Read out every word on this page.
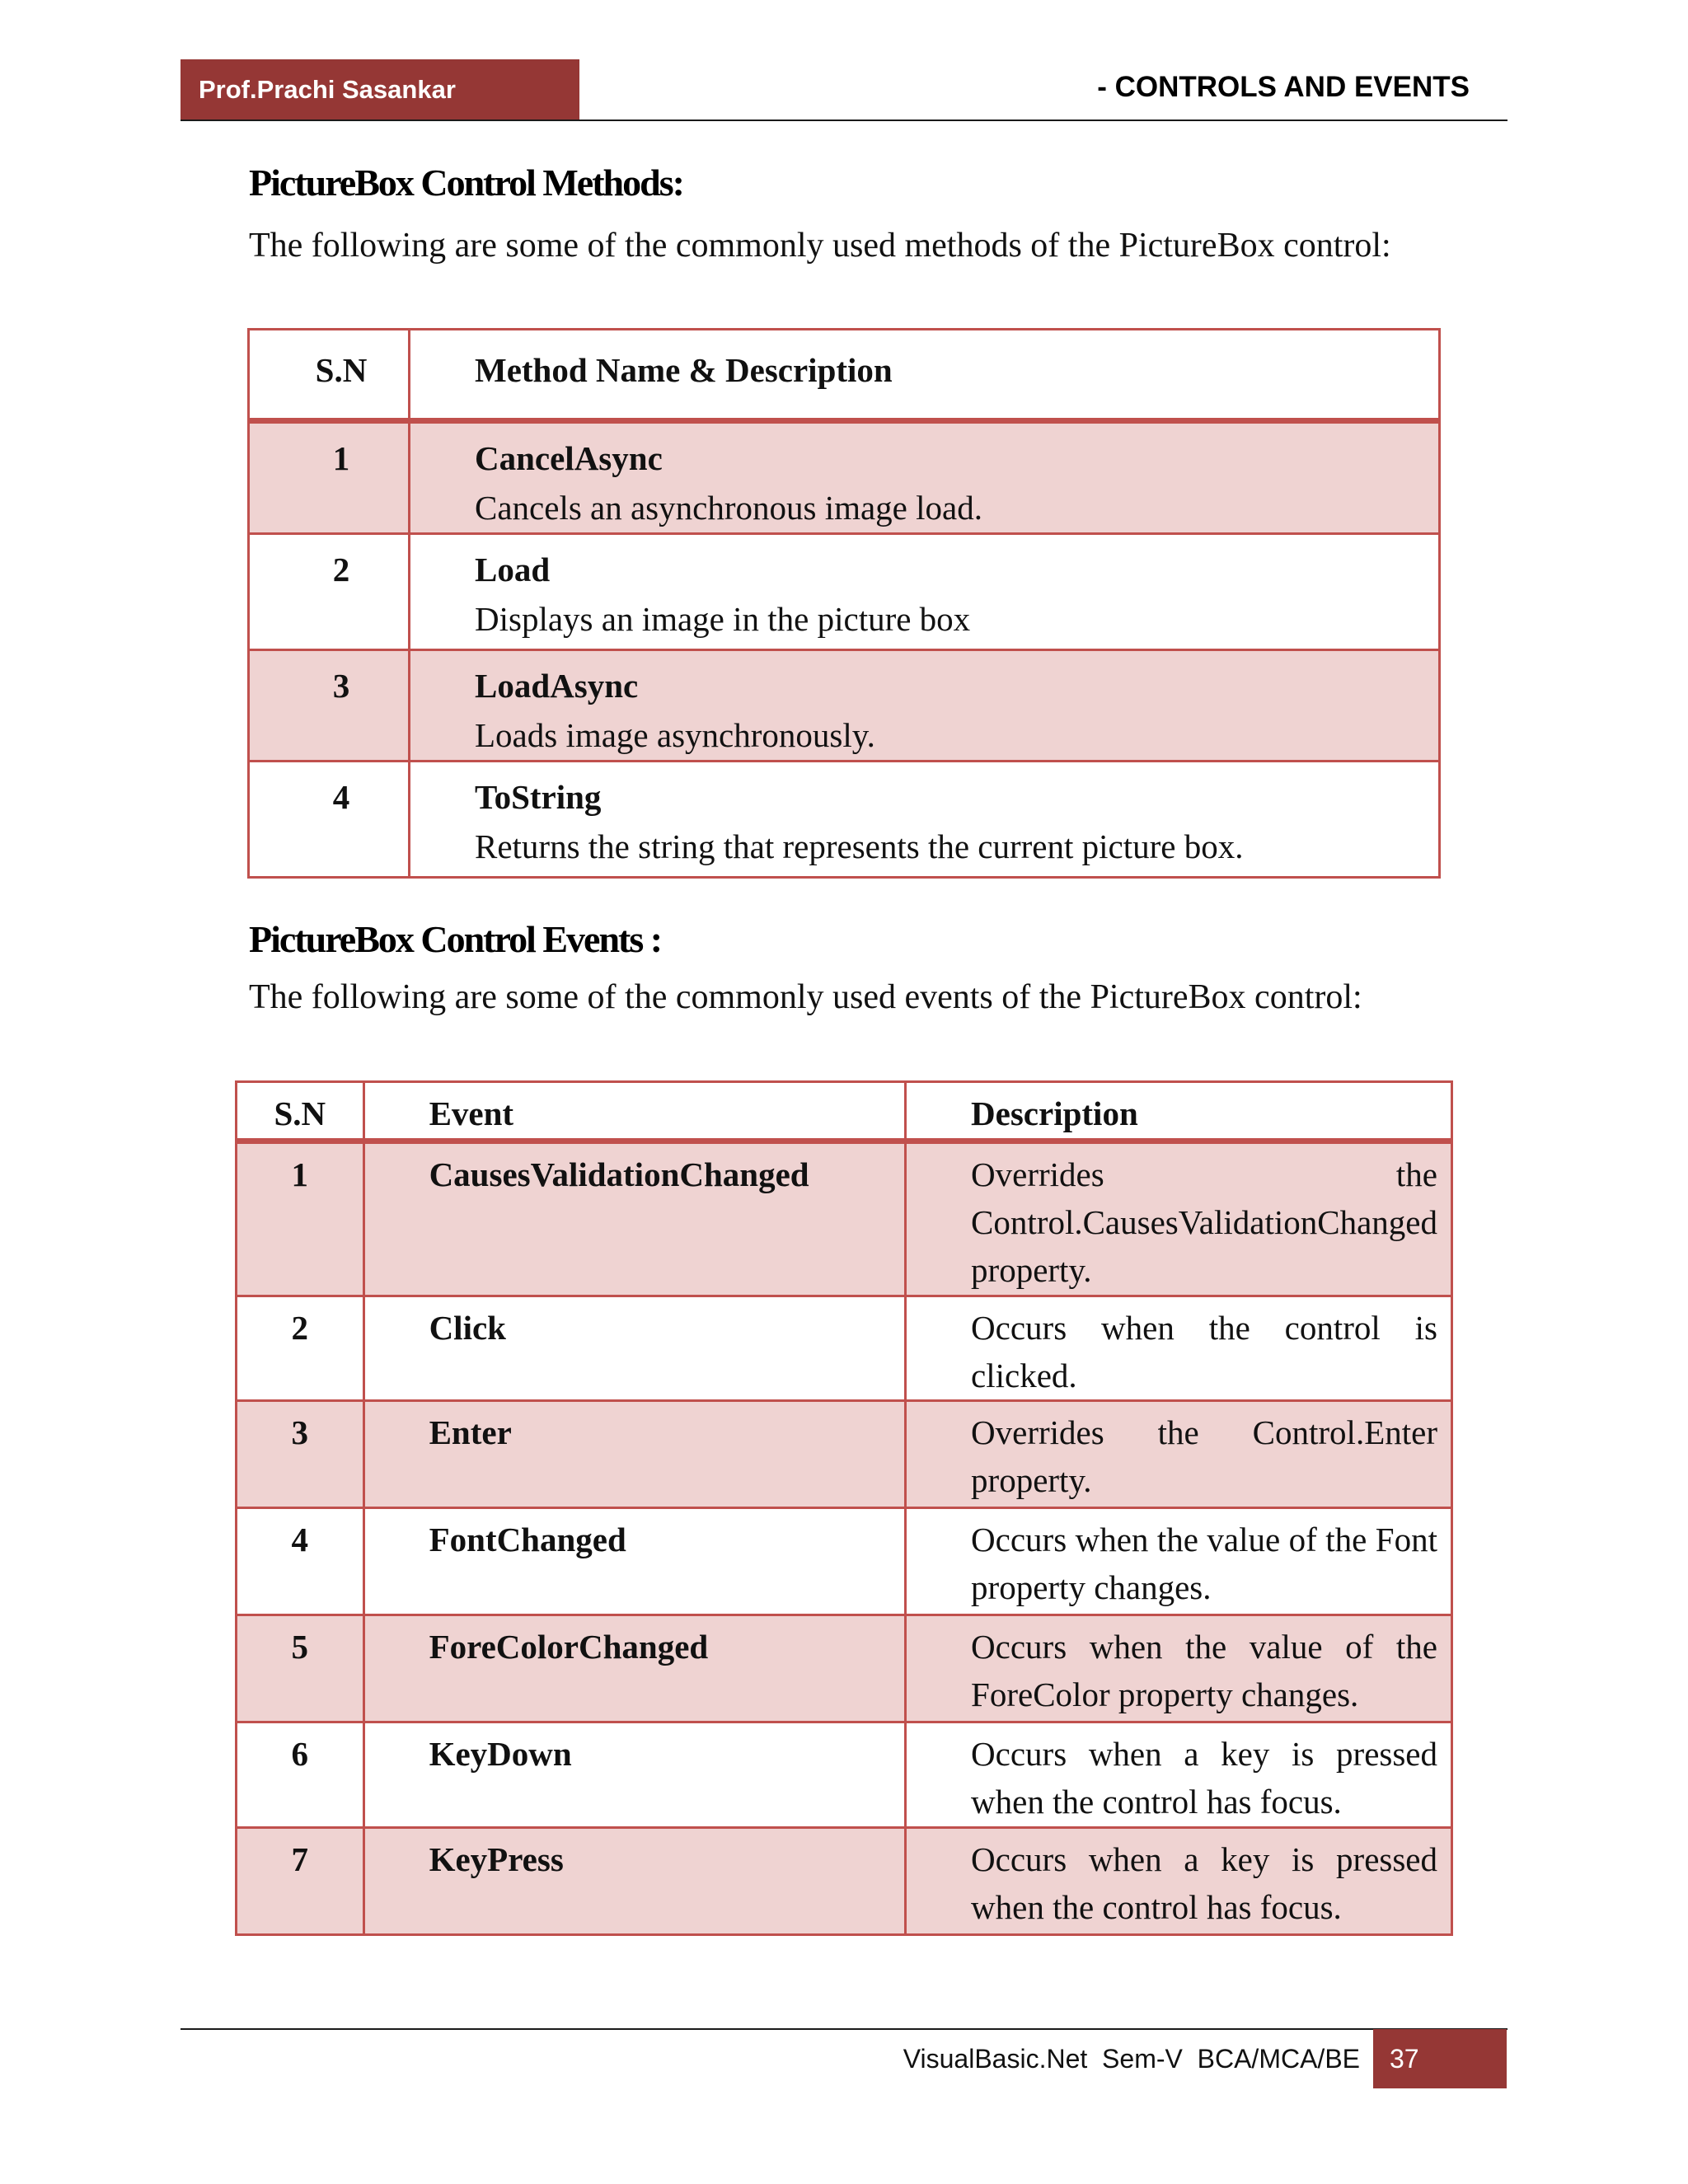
Prof.Prachi Sasankar	- CONTROLS AND EVENTS
PictureBox Control Methods:
The following are some of the commonly used methods of the PictureBox control:
S.N	Method Name & Description
1	CancelAsync
Cancels an asynchronous image load.

2	Load
Displays an image in the picture box

3	LoadAsync
Loads image asynchronously.

4	ToString
Returns the string that represents the current picture box.
PictureBox Control Events :
The following are some of the commonly used events of the PictureBox control:
S.N	Event	Description
1	CausesValidationChanged	Overrides the Control.CausesValidationChanged property.
2	Click	Occurs when the control is clicked.
3	Enter	Overrides the Control.Enter property.
4	FontChanged	Occurs when the value of the Font property changes.
5	ForeColorChanged	Occurs when the value of the ForeColor property changes.
6	KeyDown	Occurs when a key is pressed when the control has focus.
7	KeyPress	Occurs when a key is pressed when the control has focus.
VisualBasic.Net  Sem-V  BCA/MCA/BE	37
